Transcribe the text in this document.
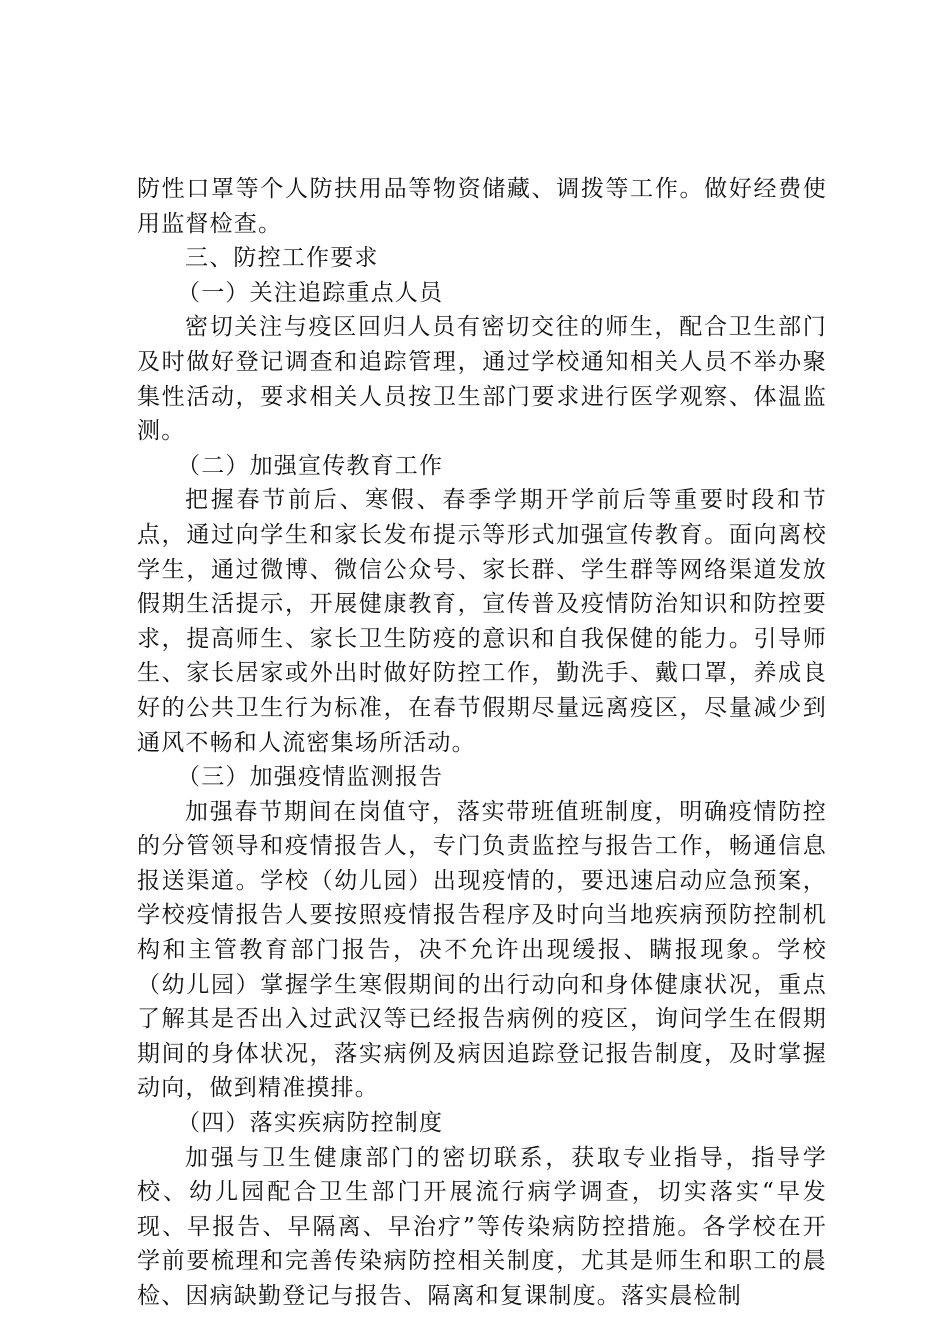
防性口罩等个人防扶用品等物资储藏、调拨等工作。做好经费使用监督检查。

三、防控工作要求

（一）关注追踪重点人员

密切关注与疫区回归人员有密切交往的师生，配合卫生部门及时做好登记调查和追踪管理，通过学校通知相关人员不举办聚集性活动，要求相关人员按卫生部门要求进行医学观察、体温监测。

（二）加强宣传教育工作

把握春节前后、寒假、春季学期开学前后等重要时段和节点，通过向学生和家长发布提示等形式加强宣传教育。面向离校学生，通过微博、微信公众号、家长群、学生群等网络渠道发放假期生活提示，开展健康教育，宣传普及疫情防治知识和防控要求，提高师生、家长卫生防疫的意识和自我保健的能力。引导师生、家长居家或外出时做好防控工作，勤洗手、戴口罩，养成良好的公共卫生行为标准，在春节假期尽量远离疫区，尽量减少到通风不畅和人流密集场所活动。

（三）加强疫情监测报告

加强春节期间在岗值守，落实带班值班制度，明确疫情防控的分管领导和疫情报告人，专门负责监控与报告工作，畅通信息报送渠道。学校（幼儿园）出现疫情的，要迅速启动应急预案，学校疫情报告人要按照疫情报告程序及时向当地疾病预防控制机构和主管教育部门报告，决不允许出现缓报、瞒报现象。学校（幼儿园）掌握学生寒假期间的出行动向和身体健康状况，重点了解其是否出入过武汉等已经报告病例的疫区，询问学生在假期期间的身体状况，落实病例及病因追踪登记报告制度，及时掌握动向，做到精准摸排。

（四）落实疾病防控制度

加强与卫生健康部门的密切联系，获取专业指导，指导学校、幼儿园配合卫生部门开展流行病学调查，切实落实“早发现、早报告、早隔离、早治疗”等传染病防控措施。各学校在开学前要梳理和完善传染病防控相关制度，尤其是师生和职工的晨检、因病缺勤登记与报告、隔离和复课制度。落实晨检制
